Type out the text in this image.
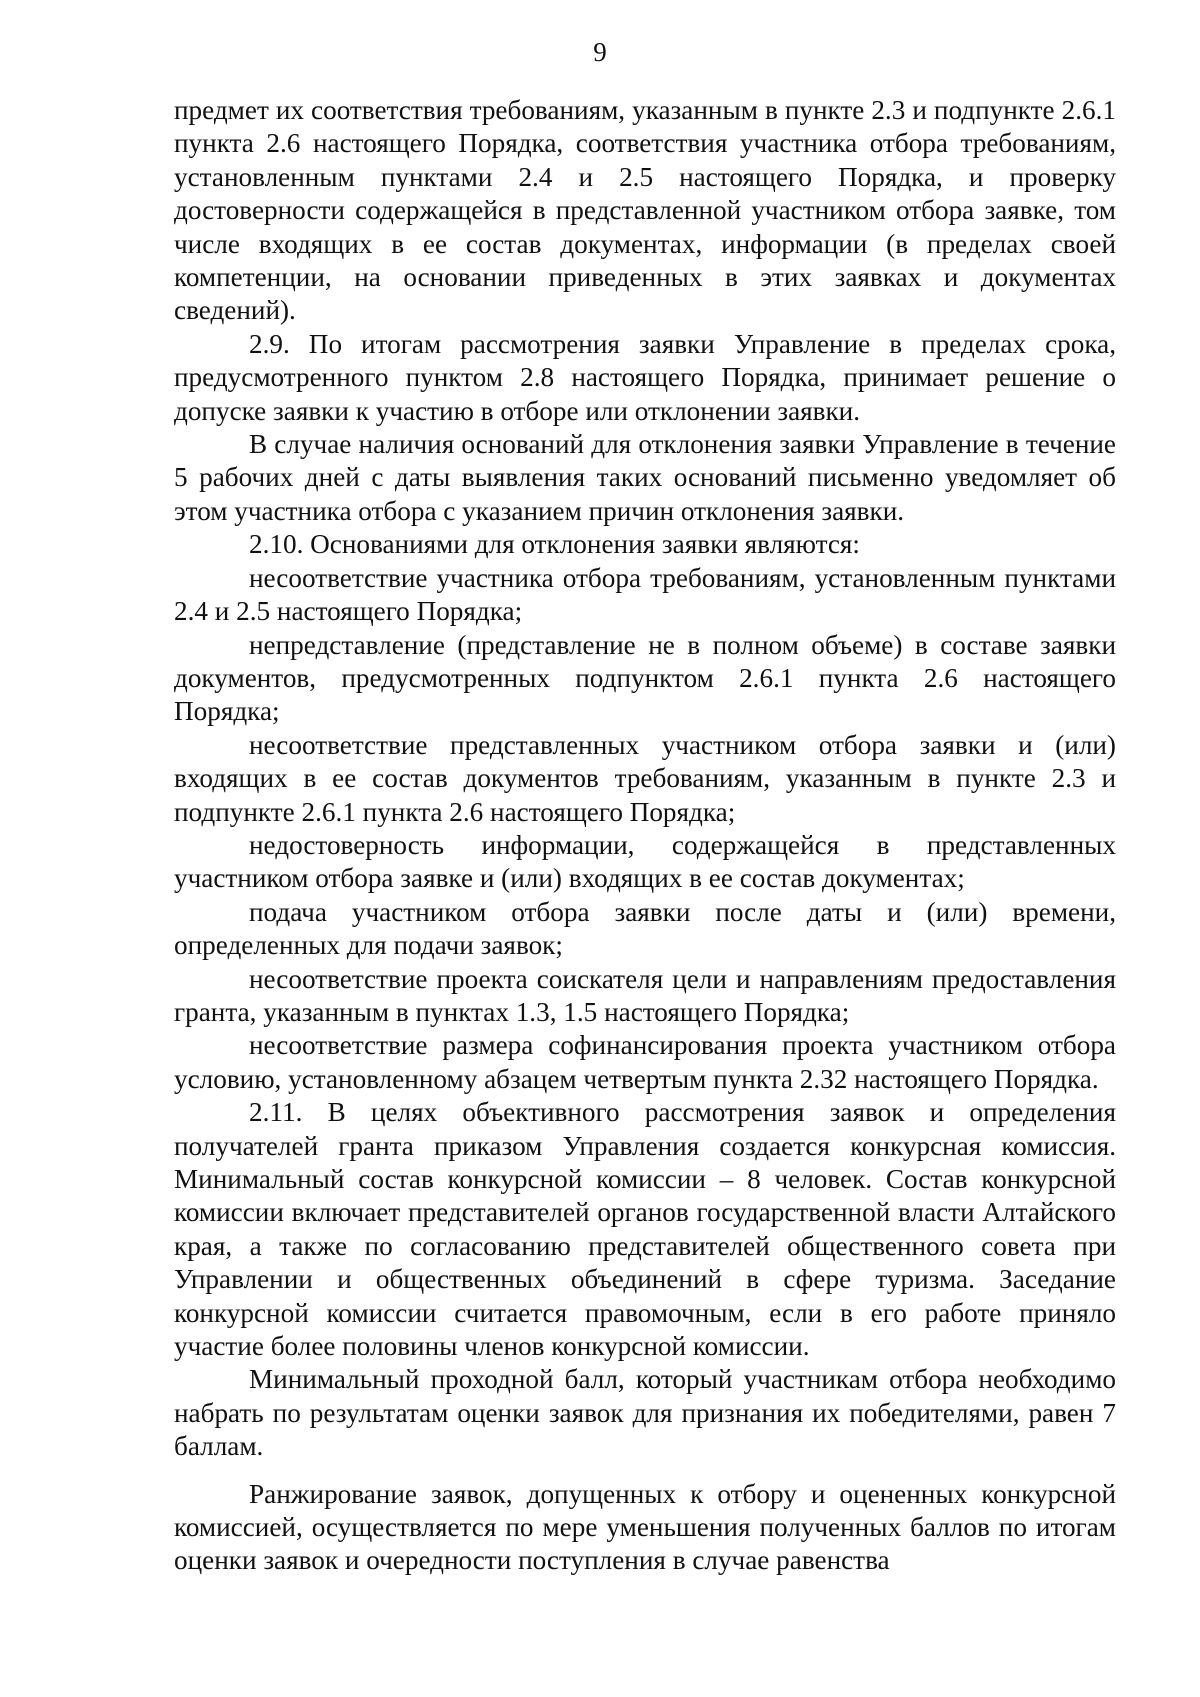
9

предмет их соответствия требованиям, указанным в пункте 2.3 и подпункте 2.6.1 пункта 2.6 настоящего Порядка, соответствия участника отбора требованиям, установленным пунктами 2.4 и 2.5 настоящего Порядка, и проверку достоверности содержащейся в представленной участником отбора заявке, том числе входящих в ее состав документах, информации (в пределах своей компетенции, на основании приведенных в этих заявках и документах сведений).

2.9. По итогам рассмотрения заявки Управление в пределах срока, предусмотренного пунктом 2.8 настоящего Порядка, принимает решение о допуске заявки к участию в отборе или отклонении заявки.

В случае наличия оснований для отклонения заявки Управление в течение 5 рабочих дней с даты выявления таких оснований письменно уведомляет об этом участника отбора с указанием причин отклонения заявки.

2.10. Основаниями для отклонения заявки являются:

несоответствие участника отбора требованиям, установленным пунктами 2.4 и 2.5 настоящего Порядка;

непредставление (представление не в полном объеме) в составе заявки документов, предусмотренных подпунктом 2.6.1 пункта 2.6 настоящего Порядка;

несоответствие представленных участником отбора заявки и (или) входящих в ее состав документов требованиям, указанным в пункте 2.3 и подпункте 2.6.1 пункта 2.6 настоящего Порядка;

недостоверность информации, содержащейся в представленных участником отбора заявке и (или) входящих в ее состав документах;

подача участником отбора заявки после даты и (или) времени, определенных для подачи заявок;

несоответствие проекта соискателя цели и направлениям предоставления гранта, указанным в пунктах 1.3, 1.5 настоящего Порядка;

несоответствие размера софинансирования проекта участником отбора условию, установленному абзацем четвертым пункта 2.32 настоящего Порядка.

2.11. В целях объективного рассмотрения заявок и определения получателей гранта приказом Управления создается конкурсная комиссия. Минимальный состав конкурсной комиссии – 8 человек. Состав конкурсной комиссии включает представителей органов государственной власти Алтайского края, а также по согласованию представителей общественного совета при Управлении и общественных объединений в сфере туризма. Заседание конкурсной комиссии считается правомочным, если в его работе приняло участие более половины членов конкурсной комиссии.

Минимальный проходной балл, который участникам отбора необходимо набрать по результатам оценки заявок для признания их победителями, равен 7 баллам.

Ранжирование заявок, допущенных к отбору и оцененных конкурсной комиссией, осуществляется по мере уменьшения полученных баллов по итогам оценки заявок и очередности поступления в случае равенства
